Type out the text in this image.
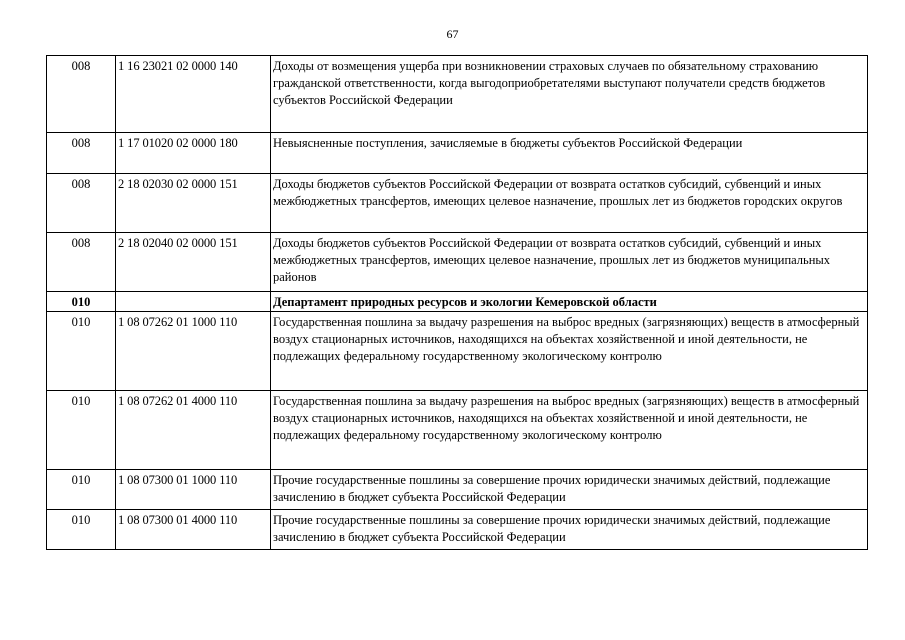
67
008	1 16 23021 02 0000 140	Доходы от возмещения ущерба при возникновении страховых случаев по обязательному страхованию гражданской ответственности, когда выгодоприобретателями выступают получатели средств бюджетов субъектов Российской Федерации
008	1 17 01020 02 0000 180	Невыясненные поступления, зачисляемые в бюджеты субъектов Российской Федерации
008	2 18 02030 02 0000 151	Доходы бюджетов субъектов Российской Федерации от возврата остатков субсидий, субвенций и иных межбюджетных трансфертов, имеющих целевое назначение, прошлых лет из бюджетов городских округов
008	2 18 02040 02 0000 151	Доходы бюджетов субъектов Российской Федерации от возврата остатков субсидий, субвенций и иных межбюджетных трансфертов, имеющих целевое назначение, прошлых лет из бюджетов муниципальных районов
010		Департамент природных ресурсов и экологии Кемеровской области
010	1 08 07262 01 1000 110	Государственная пошлина за выдачу разрешения на выброс вредных (загрязняющих) веществ в атмосферный воздух стационарных источников, находящихся на объектах хозяйственной и иной деятельности, не подлежащих федеральному государственному экологическому контролю
010	1 08 07262 01 4000 110	Государственная пошлина за выдачу разрешения на выброс вредных (загрязняющих) веществ в атмосферный воздух стационарных источников, находящихся на объектах хозяйственной и иной деятельности, не подлежащих федеральному государственному экологическому контролю
010	1 08 07300 01 1000 110	Прочие государственные пошлины за совершение прочих юридически значимых действий, подлежащие зачислению в бюджет субъекта Российской Федерации
010	1 08 07300 01 4000 110	Прочие государственные пошлины за совершение прочих юридически значимых действий, подлежащие зачислению в бюджет субъекта Российской Федерации
